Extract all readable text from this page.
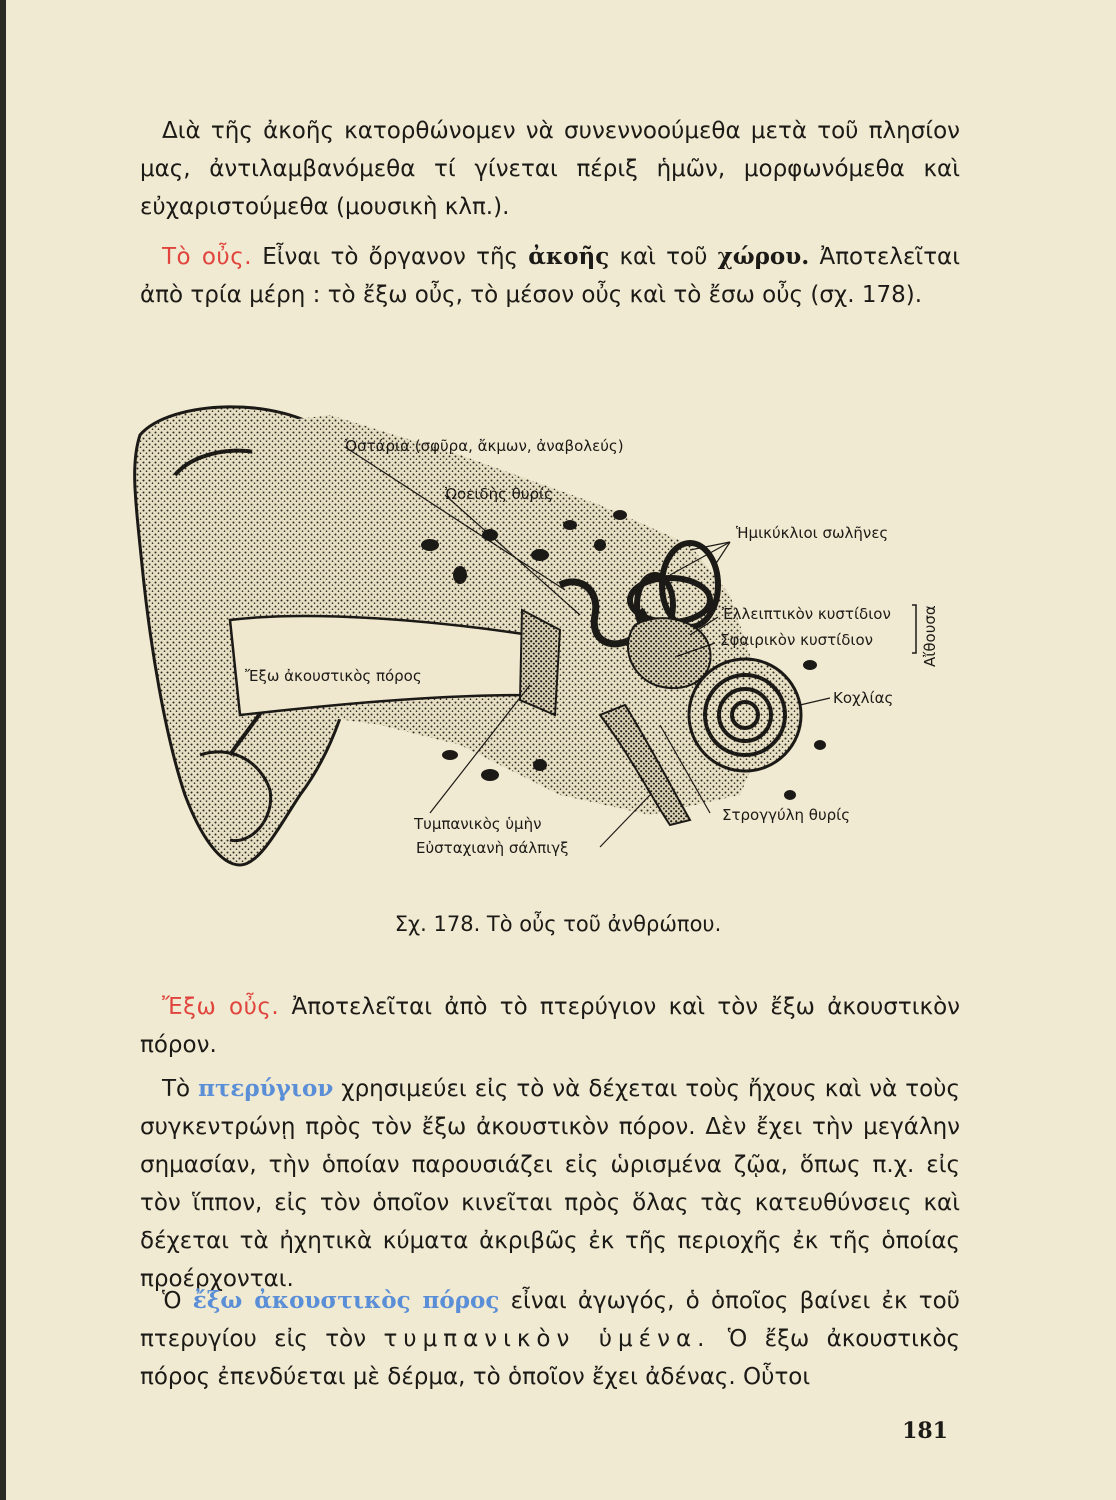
Διὰ τῆς ἀκοῆς κατορθώνομεν νὰ συνεννοούμεθα μετὰ τοῦ πλησίον μας, ἀντιλαμβανόμεθα τί γίνεται πέριξ ἡμῶν, μορφωνόμεθα καὶ εὐχαριστούμεθα (μουσικὴ κλπ.).

Τὸ οὖς. Εἶναι τὸ ὄργανον τῆς ἀκοῆς καὶ τοῦ χώρου. Ἀποτελεῖται ἀπὸ τρία μέρη : τὸ ἔξω οὖς, τὸ μέσον οὖς καὶ τὸ ἔσω οὖς (σχ. 178).

Ὀστάρια (σφῦρα, ἄκμων, ἀναβολεύς)
Ὠοειδὴς θυρίς
Ἡμικύκλιοι σωλῆνες
Ἐλλειπτικὸν κυστίδιον
Σφαιρικὸν κυστίδιον	Αἴθουσα
Ἔξω ἀκουστικὸς πόρος
Κοχλίας
Τυμπανικὸς ὑμὴν
Εὐσταχιανὴ σάλπιγξ
Στρογγύλη θυρίς
Σχ. 178. Τὸ οὖς τοῦ ἀνθρώπου.

Ἔξω οὖς. Ἀποτελεῖται ἀπὸ τὸ πτερύγιον καὶ τὸν ἔξω ἀκουστικὸν πόρον.

Τὸ πτερύγιον χρησιμεύει εἰς τὸ νὰ δέχεται τοὺς ἤχους καὶ νὰ τοὺς συγκεντρώνῃ πρὸς τὸν ἔξω ἀκουστικὸν πόρον. Δὲν ἔχει τὴν μεγάλην σημασίαν, τὴν ὁποίαν παρουσιάζει εἰς ὡρισμένα ζῷα, ὅπως π.χ. εἰς τὸν ἵππον, εἰς τὸν ὁποῖον κινεῖται πρὸς ὅλας τὰς κατευθύνσεις καὶ δέχεται τὰ ἠχητικὰ κύματα ἀκριβῶς ἐκ τῆς περιοχῆς ἐκ τῆς ὁποίας προέρχονται.

Ὁ ἔξω ἀκουστικὸς πόρος εἶναι ἀγωγός, ὁ ὁποῖος βαίνει ἐκ τοῦ πτερυγίου εἰς τὸν τυμπανικὸν ὑμένα. Ὁ ἔξω ἀκουστικὸς πόρος ἐπενδύεται μὲ δέρμα, τὸ ὁποῖον ἔχει ἀδένας. Οὗτοι

181
